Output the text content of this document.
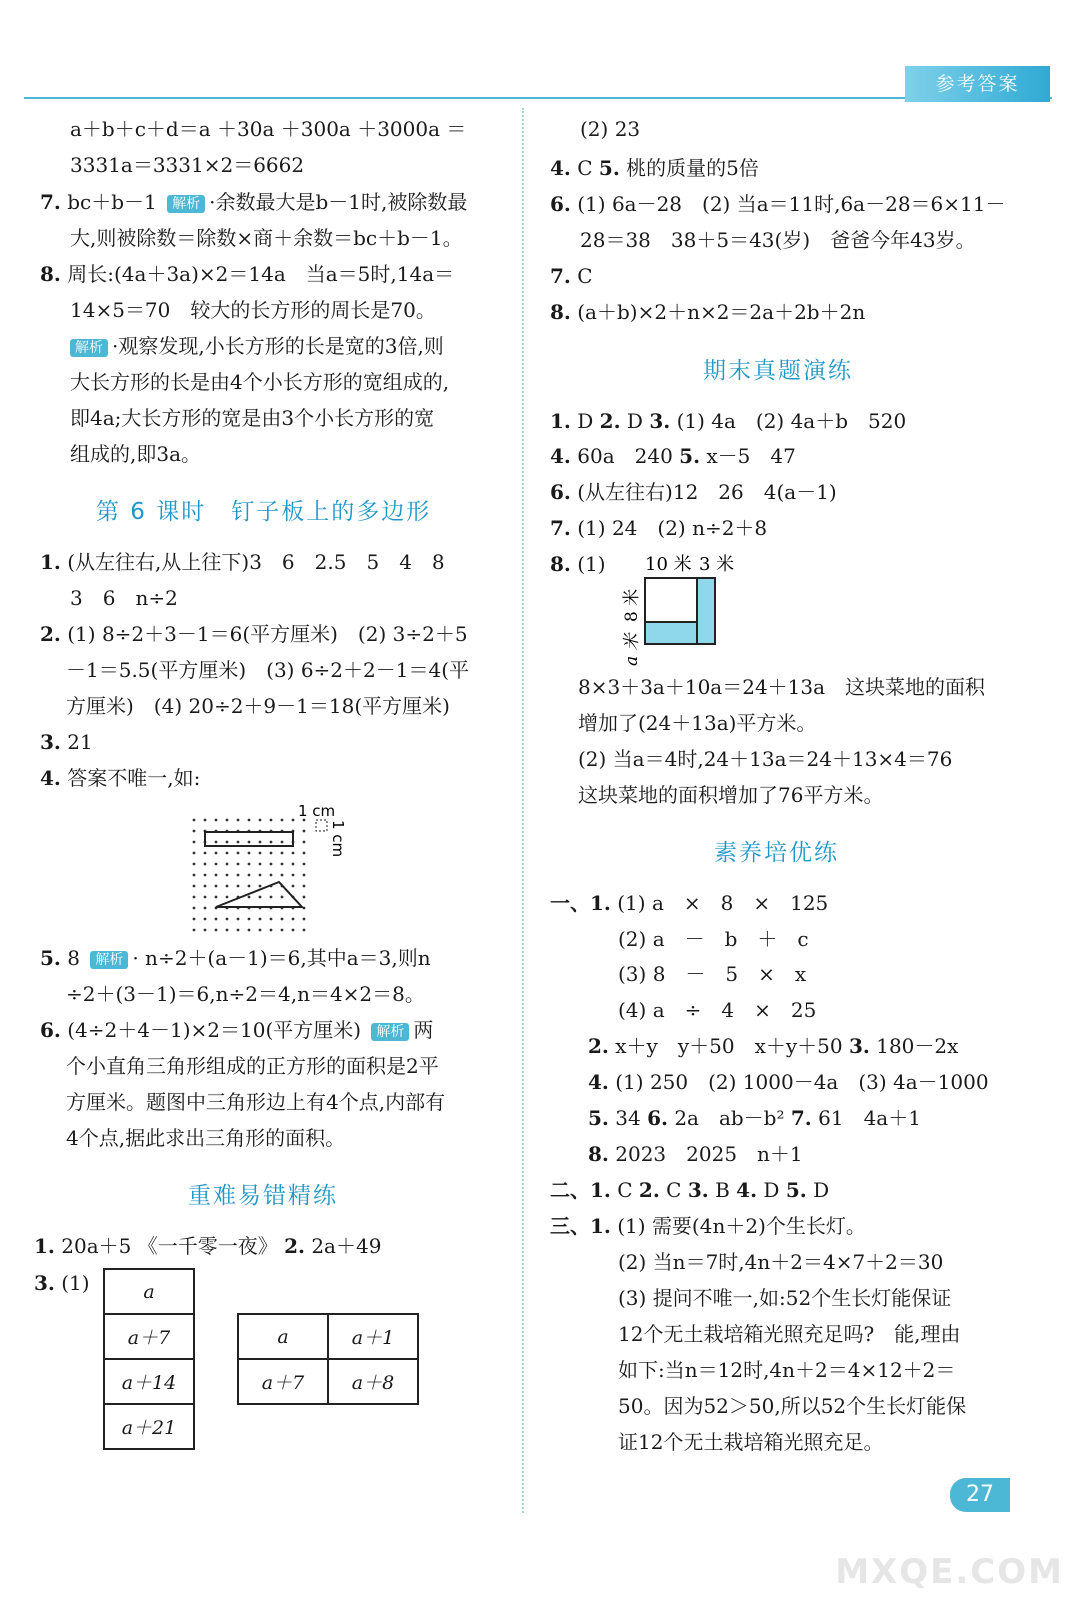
参考答案
a＋b＋c＋d＝a ＋30a ＋300a ＋3000a ＝
3331a＝3331×2＝6662
7. bc＋b－1 解析 ·余数最大是b－1时,被除数最
大,则被除数＝除数×商＋余数＝bc＋b－1。
8. 周长:(4a＋3a)×2＝14a　当a＝5时,14a＝
14×5＝70　较大的长方形的周长是70。
解析 ·观察发现,小长方形的长是宽的3倍,则
大长方形的长是由4个小长方形的宽组成的,
即4a;大长方形的宽是由3个小长方形的宽
组成的,即3a。
第 6 课时　钉子板上的多边形
1. (从左往右,从上往下)3　6　2.5　5　4　8
3　6　n÷2
2. (1) 8÷2＋3－1＝6(平方厘米)　(2) 3÷2＋5
－1＝5.5(平方厘米)　(3) 6÷2＋2－1＝4(平
方厘米)　(4) 20÷2＋9－1＝18(平方厘米)
3. 21
4. 答案不唯一,如:
1 cm
1 cm
5. 8 解析 · n÷2＋(a－1)＝6,其中a＝3,则n
÷2＋(3－1)＝6,n÷2＝4,n＝4×2＝8。
6. (4÷2＋4－1)×2＝10(平方厘米) 解析 两
个小直角三角形组成的正方形的面积是2平
方厘米。题图中三角形边上有4个点,内部有
4个点,据此求出三角形的面积。
重难易错精练
1. 20a＋5 《一千零一夜》 2. 2a＋49
3. (1)	a
a＋7
a＋14
a＋21
a	a＋1
a＋7	a＋8
(2) 23
4. C 5. 桃的质量的5倍
6. (1) 6a－28　(2) 当a＝11时,6a－28＝6×11－
28＝38　38＋5＝43(岁)　爸爸今年43岁。
7. C
8. (a＋b)×2＋n×2＝2a＋2b＋2n
期末真题演练
1. D 2. D 3. (1) 4a　(2) 4a＋b　520
4. 60a　240 5. x－5　47
6. (从左往右)12　26　4(a－1)
7. (1) 24　(2) n÷2＋8
8. (1) 10 米 3 米
8 米
a 米
8×3＋3a＋10a＝24＋13a　这块菜地的面积
增加了(24＋13a)平方米。
(2) 当a＝4时,24＋13a＝24＋13×4＝76
这块菜地的面积增加了76平方米。
素养培优练
一、1. (1) a　×　8　×　125
(2) a　－　b　＋　c
(3) 8　－　5　×　x
(4) a　÷　4　×　25
2. x＋y　y＋50　x＋y＋50 3. 180－2x
4. (1) 250　(2) 1000－4a　(3) 4a－1000
5. 34 6. 2a　ab－b² 7. 61　4a＋1
8. 2023　2025　n＋1
二、1. C 2. C 3. B 4. D 5. D
三、1. (1) 需要(4n＋2)个生长灯。
(2) 当n＝7时,4n＋2＝4×7＋2＝30
(3) 提问不唯一,如:52个生长灯能保证
12个无土栽培箱光照充足吗?　能,理由
如下:当n＝12时,4n＋2＝4×12＋2＝
50。因为52＞50,所以52个生长灯能保
证12个无土栽培箱光照充足。
27
MXQE.COM
